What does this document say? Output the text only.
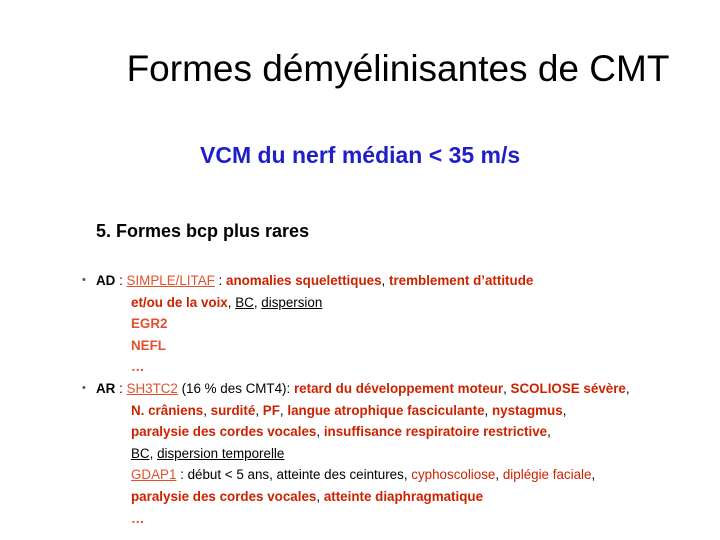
Formes démyélinisantes de CMT
VCM du nerf médian < 35 m/s
5. Formes bcp plus rares
• AD : SIMPLE/LITAF : anomalies squelettiques, tremblement d’attitude
et/ou de la voix, BC, dispersion
EGR2
NEFL
…
• AR : SH3TC2 (16 % des CMT4): retard du développement moteur, SCOLIOSE sévère,
N. crâniens, surdité, PF, langue atrophique fasciculante, nystagmus,
paralysie des cordes vocales, insuffisance respiratoire restrictive,
BC, dispersion temporelle
GDAP1 : début < 5 ans, atteinte des ceintures, cyphoscoliose, diplégie faciale,
paralysie des cordes vocales, atteinte diaphragmatique
…
